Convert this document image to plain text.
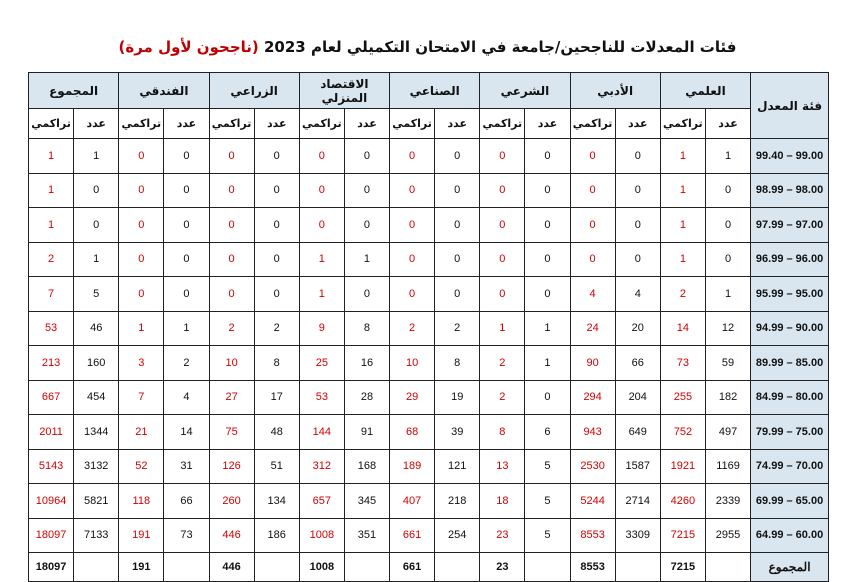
فئات المعدلات للناجحين/جامعة في الامتحان التكميلي لعام 2023 (ناجحون لأول مرة)
فئة المعدل	العلمي		الأدبي		الشرعي		الصناعي		الاقتصاد المنزلي		الزراعي		الفندقي		المجموع	
	عدد	تراكمي	عدد	تراكمي	عدد	تراكمي	عدد	تراكمي	عدد	تراكمي	عدد	تراكمي	عدد	تراكمي	عدد	تراكمي
99.40 – 99.00	1	1	0	0	0	0	0	0	0	0	0	0	0	0	1	1
98.99 – 98.00	0	1	0	0	0	0	0	0	0	0	0	0	0	0	0	1
97.99 – 97.00	0	1	0	0	0	0	0	0	0	0	0	0	0	0	0	1
96.99 – 96.00	0	1	0	0	0	0	0	0	1	1	0	0	0	0	1	2
95.99 – 95.00	1	2	4	4	0	0	0	0	0	1	0	0	0	0	5	7
94.99 – 90.00	12	14	20	24	1	1	2	2	8	9	2	2	1	1	46	53
89.99 – 85.00	59	73	66	90	1	2	8	10	16	25	8	10	2	3	160	213
84.99 – 80.00	182	255	204	294	0	2	19	29	28	53	17	27	4	7	454	667
79.99 – 75.00	497	752	649	943	6	8	39	68	91	144	48	75	14	21	1344	2011
74.99 – 70.00	1169	1921	1587	2530	5	13	121	189	168	312	51	126	31	52	3132	5143
69.99 – 65.00	2339	4260	2714	5244	5	18	218	407	345	657	134	260	66	118	5821	10964
64.99 – 60.00	2955	7215	3309	8553	5	23	254	661	351	1008	186	446	73	191	7133	18097
المجموع		7215		8553		23		661		1008		446		191		18097
